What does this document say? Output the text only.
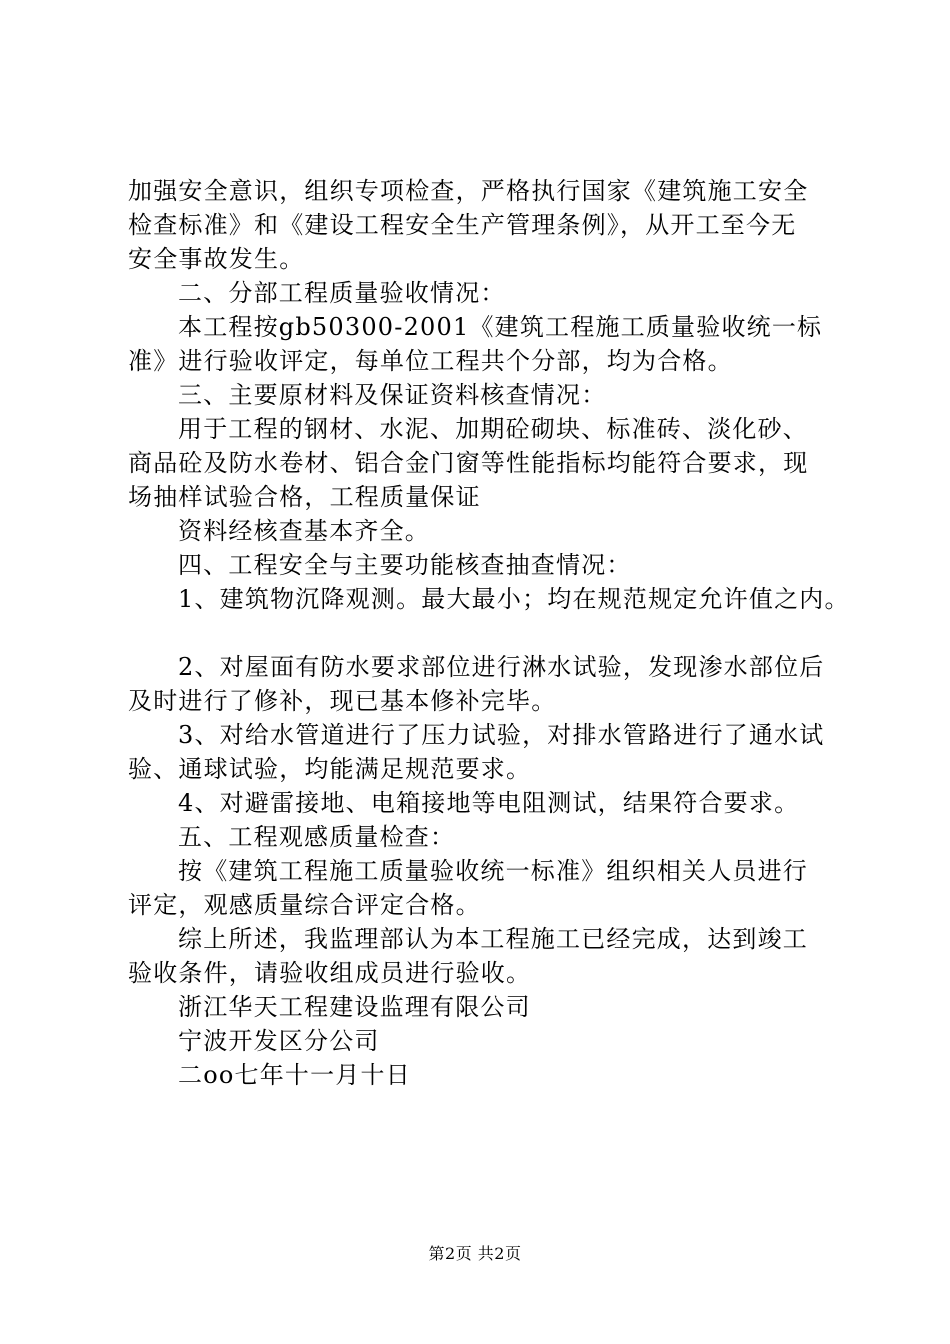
加强安全意识，组织专项检查，严格执行国家《建筑施工安全
检查标准》和《建设工程安全生产管理条例》，从开工至今无
安全事故发生。
二、分部工程质量验收情况：
本工程按gb50300-2001《建筑工程施工质量验收统一标
准》进行验收评定，每单位工程共个分部，均为合格。
三、主要原材料及保证资料核查情况：
用于工程的钢材、水泥、加期砼砌块、标准砖、淡化砂、
商品砼及防水卷材、铝合金门窗等性能指标均能符合要求，现
场抽样试验合格，工程质量保证
资料经核查基本齐全。
四、工程安全与主要功能核查抽查情况：
1、建筑物沉降观测。最大最小；均在规范规定允许值之内。
2、对屋面有防水要求部位进行淋水试验，发现渗水部位后
及时进行了修补，现已基本修补完毕。
3、对给水管道进行了压力试验，对排水管路进行了通水试
验、通球试验，均能满足规范要求。
4、对避雷接地、电箱接地等电阻测试，结果符合要求。
五、工程观感质量检查：
按《建筑工程施工质量验收统一标准》组织相关人员进行
评定，观感质量综合评定合格。
综上所述，我监理部认为本工程施工已经完成，达到竣工
验收条件，请验收组成员进行验收。
浙江华天工程建设监理有限公司
宁波开发区分公司
二oo七年十一月十日
第2页 共2页
